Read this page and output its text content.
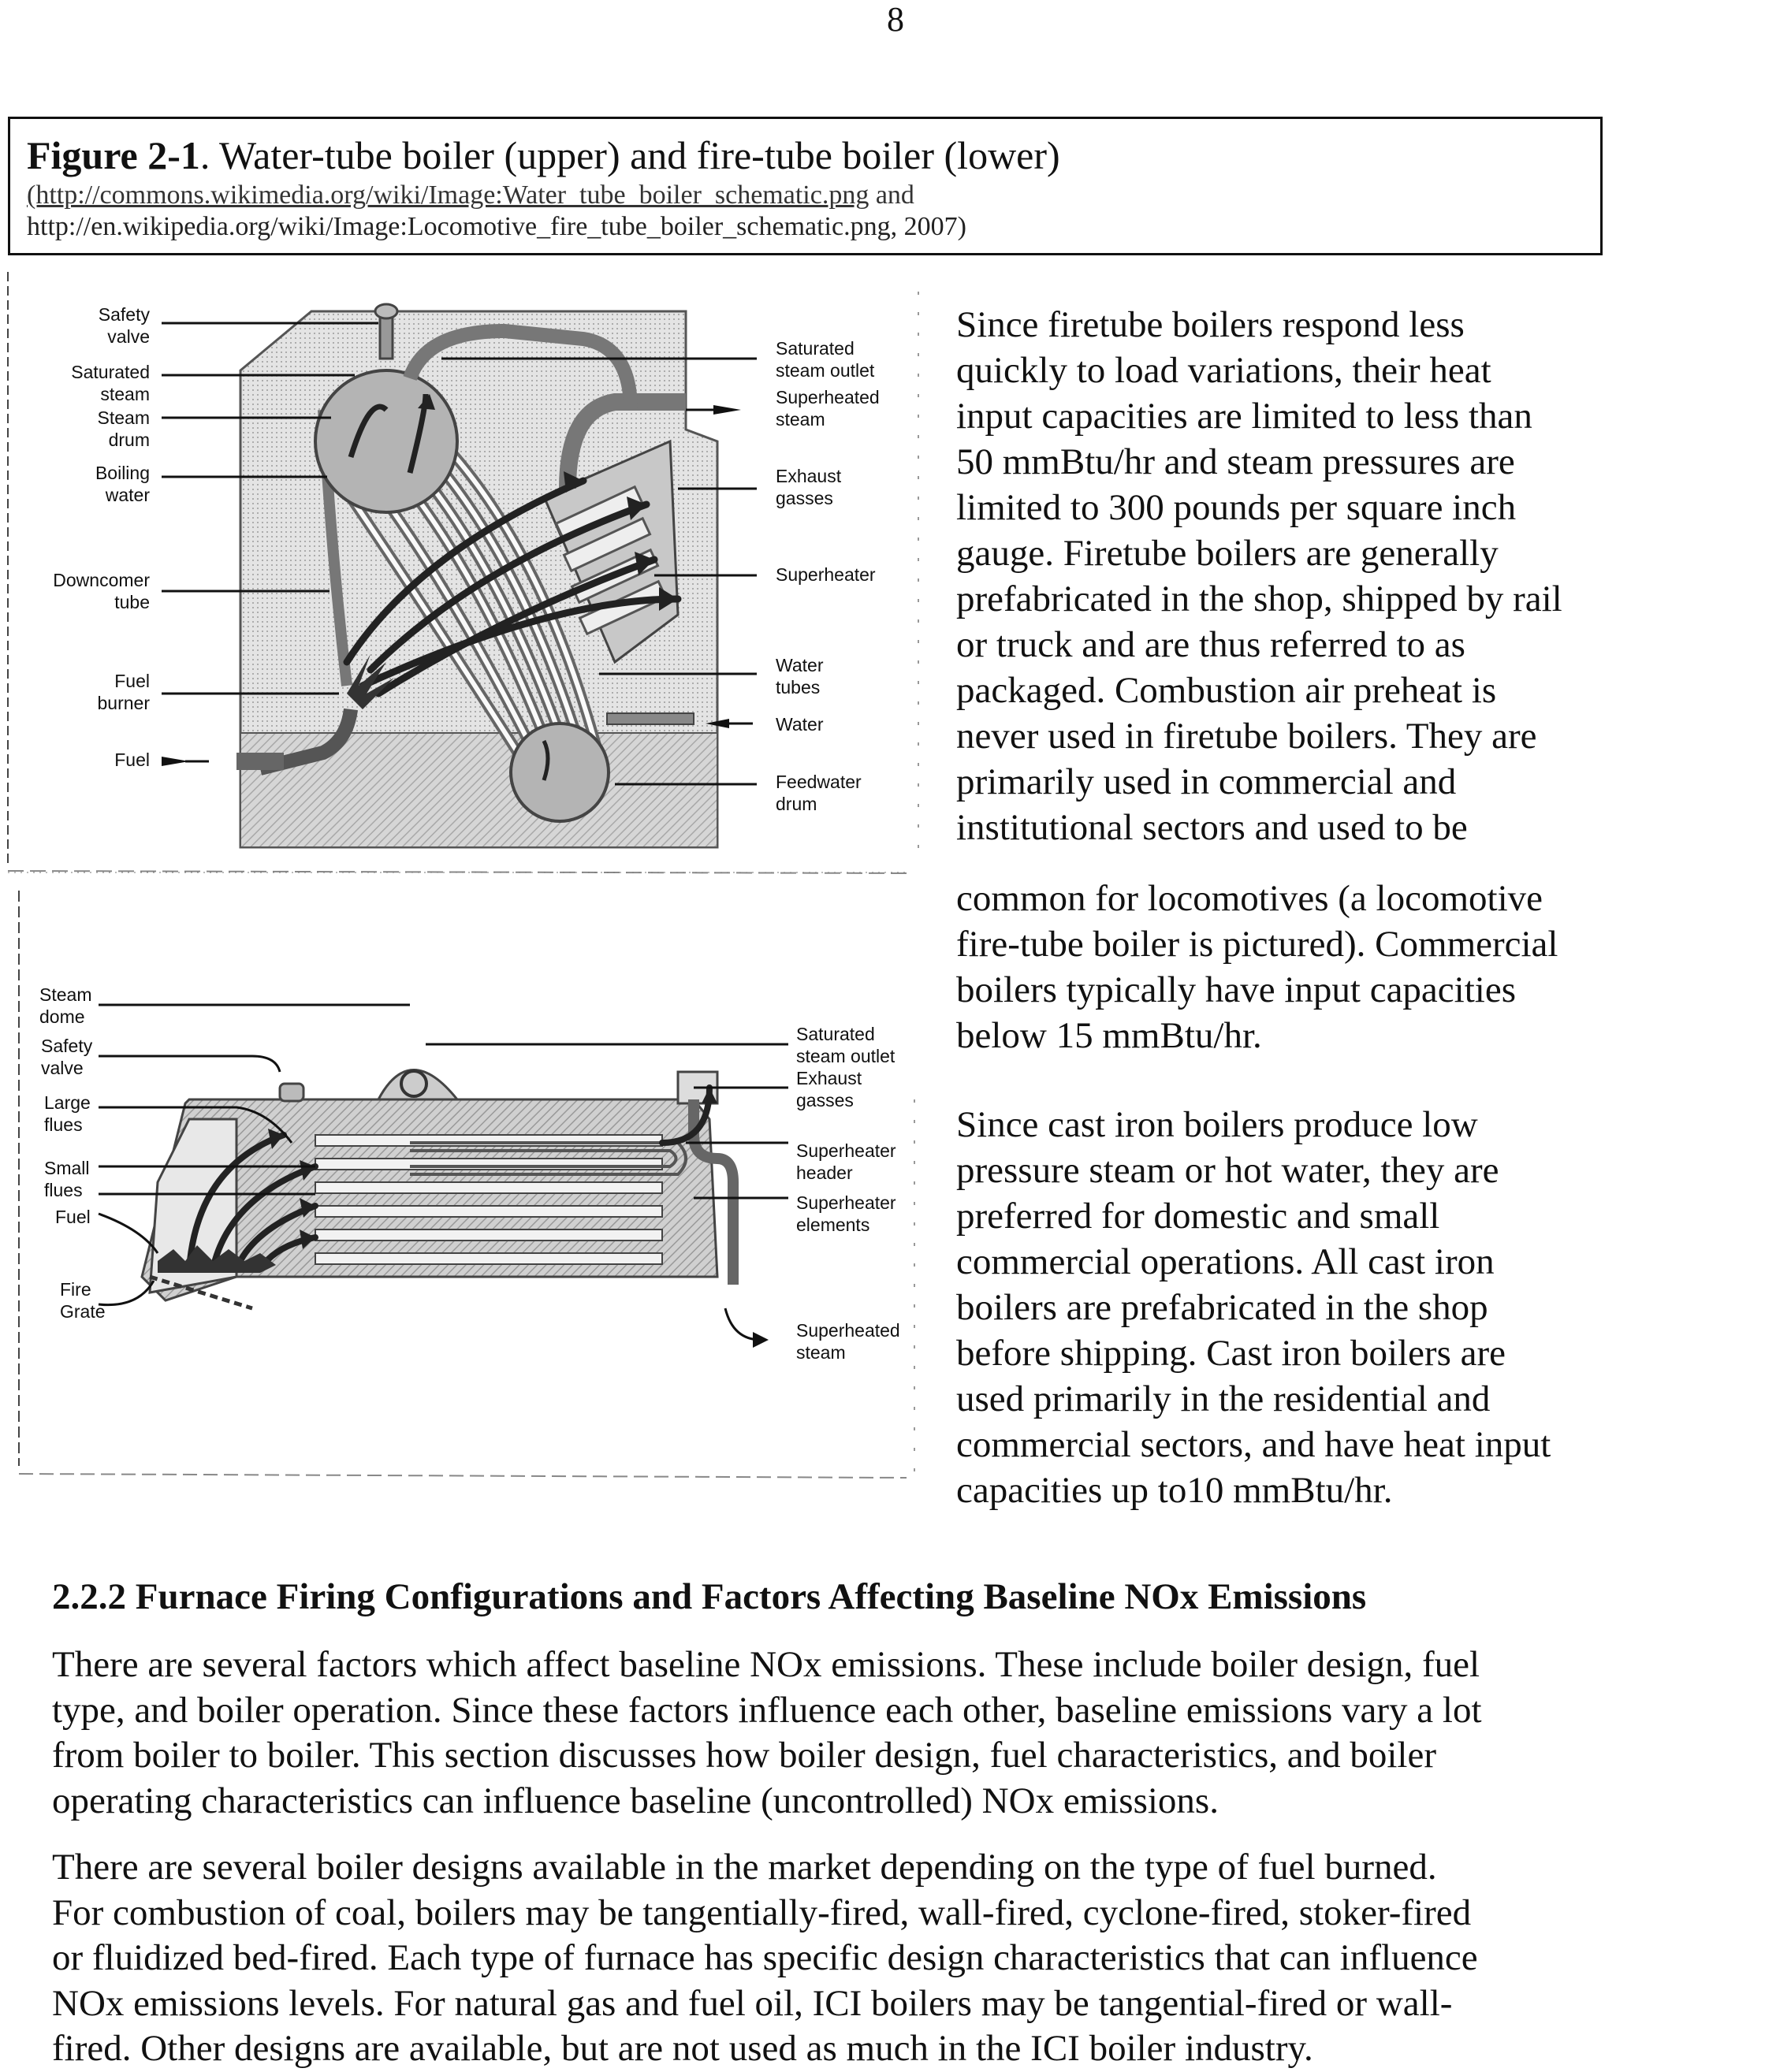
8
Figure 2-1. Water-tube boiler (upper) and fire-tube boiler (lower)
(http://commons.wikimedia.org/wiki/Image:Water_tube_boiler_schematic.png and
http://en.wikipedia.org/wiki/Image:Locomotive_fire_tube_boiler_schematic.png, 2007)
Safety
valve
Saturated
steam
Steam
drum
Boiling
water
Downcomer
tube
Fuel
burner
Fuel
Saturated
steam outlet
Superheated
steam
Exhaust
gasses
Superheater
Water
tubes
Water
Feedwater
drum
Steam
dome
Safety
valve
Large
flues
Small
flues
Fuel
Fire
Grate
Saturated
steam outlet
Exhaust
gasses
Superheater
header
Superheater
elements
Superheated
steam
Since firetube boilers respond less
quickly to load variations, their heat
input capacities are limited to less than
50 mmBtu/hr and steam pressures are
limited to 300 pounds per square inch
gauge. Firetube boilers are generally
prefabricated in the shop, shipped by rail
or truck and are thus referred to as
packaged. Combustion air preheat is
never used in firetube boilers. They are
primarily used in commercial and
institutional sectors and used to be
common for locomotives (a locomotive
fire-tube boiler is pictured). Commercial
boilers typically have input capacities
below 15 mmBtu/hr.
Since cast iron boilers produce low
pressure steam or hot water, they are
preferred for domestic and small
commercial operations. All cast iron
boilers are prefabricated in the shop
before shipping. Cast iron boilers are
used primarily in the residential and
commercial sectors, and have heat input
capacities up to10 mmBtu/hr.
2.2.2 Furnace Firing Configurations and Factors Affecting Baseline NOx Emissions
There are several factors which affect baseline NOx emissions. These include boiler design, fuel
type, and boiler operation. Since these factors influence each other, baseline emissions vary a lot
from boiler to boiler. This section discusses how boiler design, fuel characteristics, and boiler
operating characteristics can influence baseline (uncontrolled) NOx emissions.
There are several boiler designs available in the market depending on the type of fuel burned.
For combustion of coal, boilers may be tangentially-fired, wall-fired, cyclone-fired, stoker-fired
or fluidized bed-fired. Each type of furnace has specific design characteristics that can influence
NOx emissions levels. For natural gas and fuel oil, ICI boilers may be tangential-fired or wall-
fired. Other designs are available, but are not used as much in the ICI boiler industry.
